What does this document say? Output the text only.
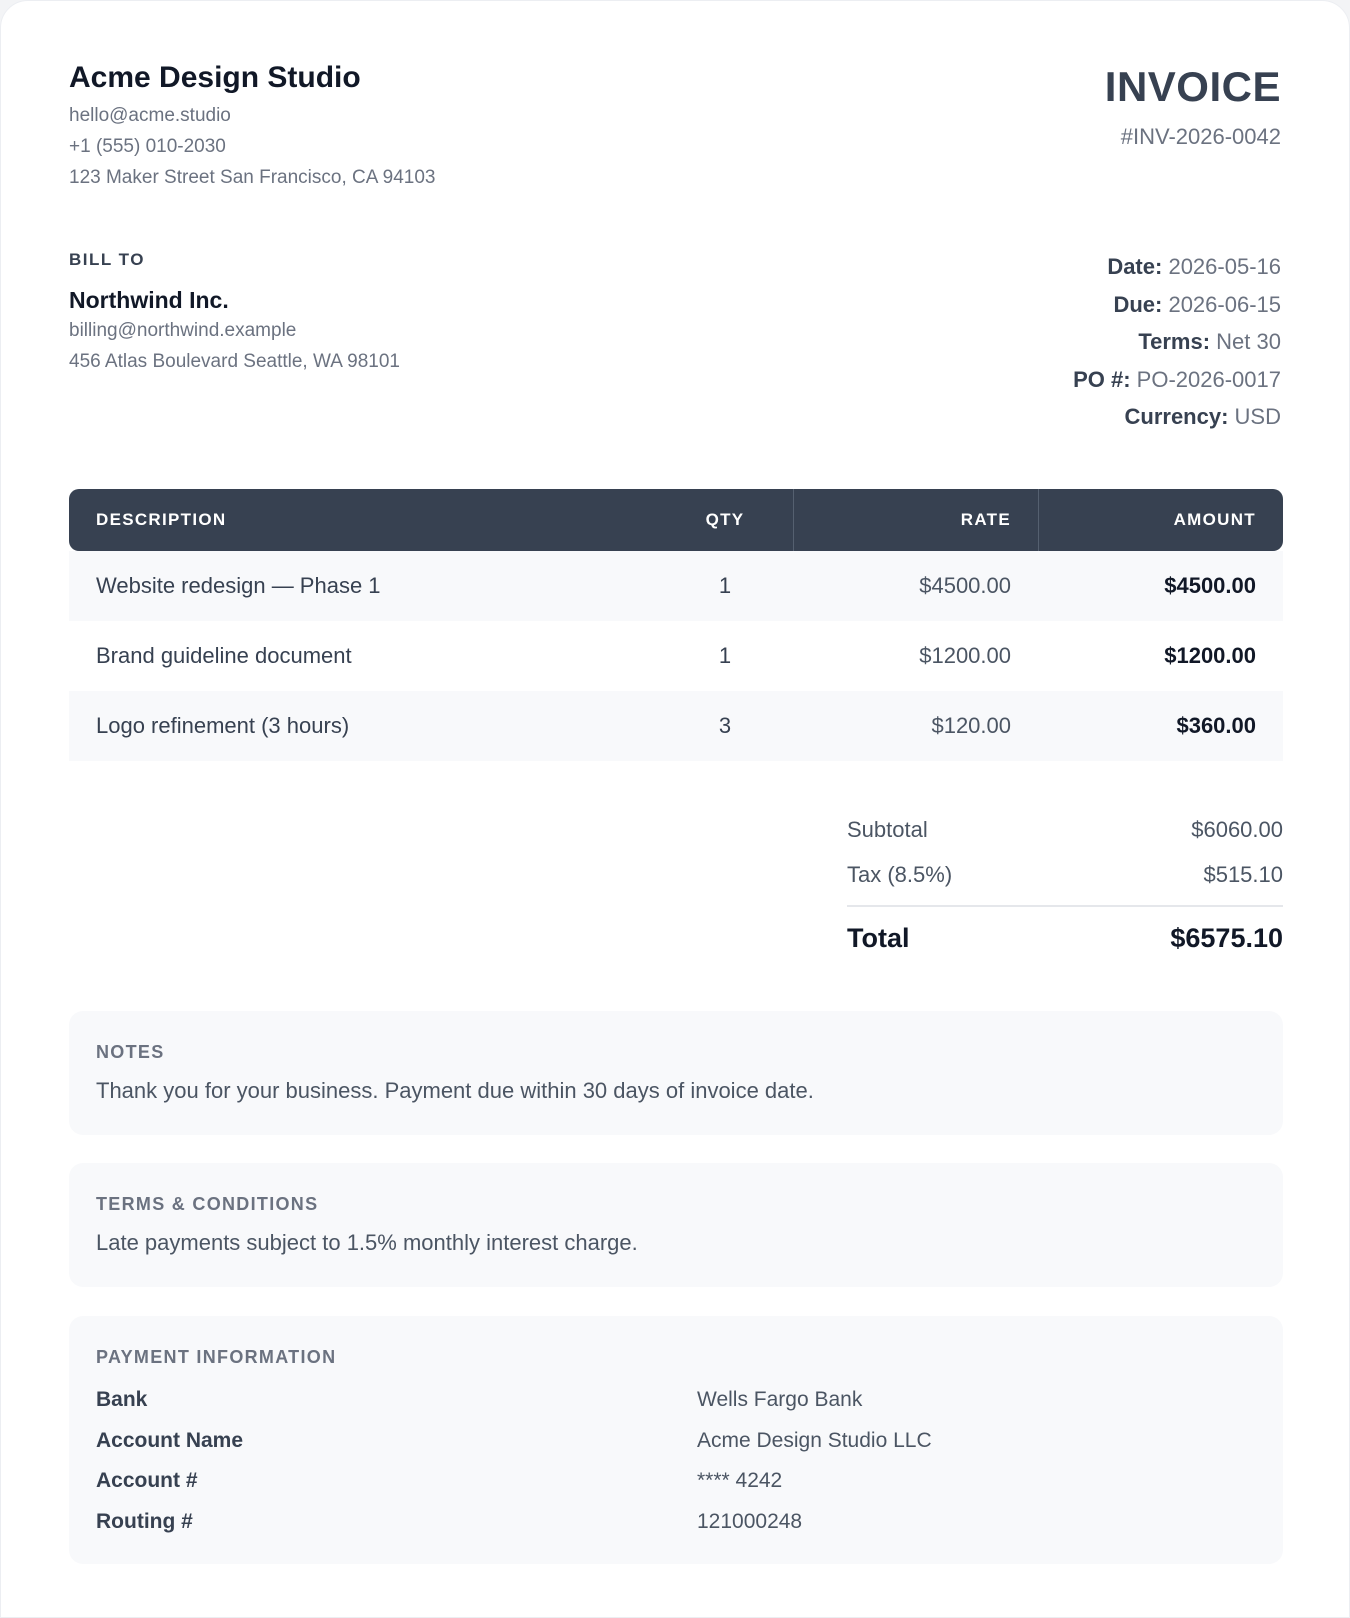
Acme Design Studio
hello@acme.studio
+1 (555) 010-2030
123 Maker Street San Francisco, CA 94103
INVOICE
#INV-2026-0042
BILL TO
Northwind Inc.
billing@northwind.example
456 Atlas Boulevard Seattle, WA 98101
Date: 2026-05-16
Due: 2026-06-15
Terms: Net 30
PO #: PO-2026-0017
Currency: USD
DESCRIPTION	QTY	RATE	AMOUNT
Website redesign — Phase 1	1	$4500.00	$4500.00
Brand guideline document	1	$1200.00	$1200.00
Logo refinement (3 hours)	3	$120.00	$360.00
Subtotal	$6060.00
Tax (8.5%)	$515.10
Total	$6575.10
NOTES
Thank you for your business. Payment due within 30 days of invoice date.
TERMS & CONDITIONS
Late payments subject to 1.5% monthly interest charge.
PAYMENT INFORMATION
Bank	Wells Fargo Bank
Account Name	Acme Design Studio LLC
Account #	**** 4242
Routing #	121000248
